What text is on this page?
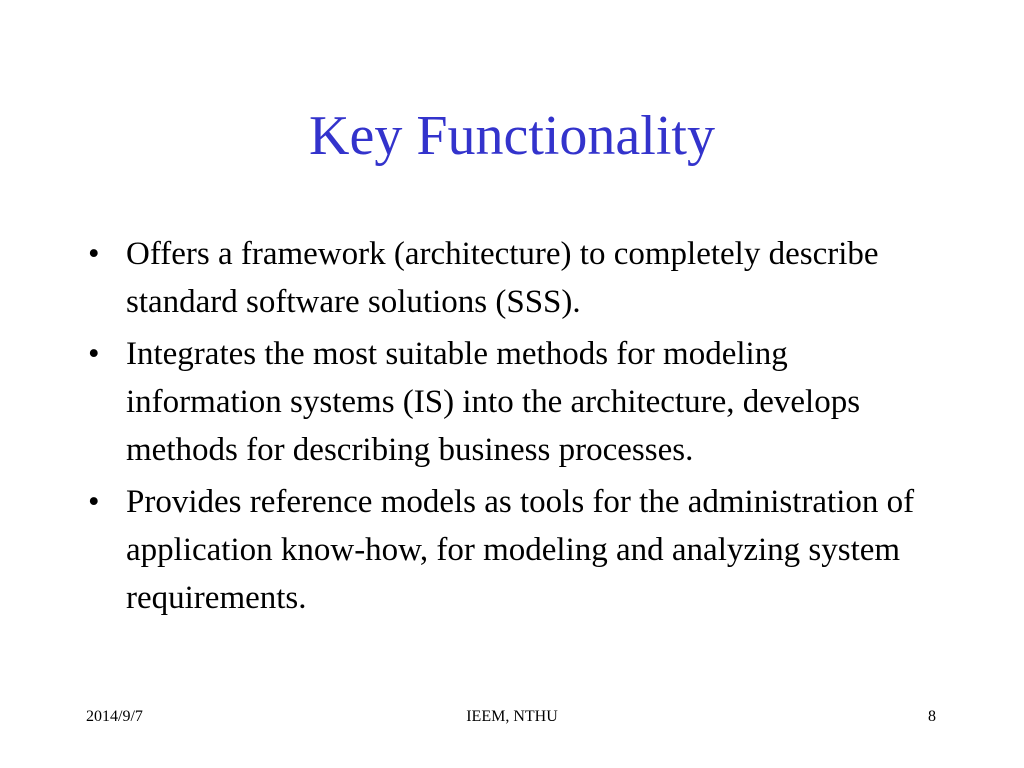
Key Functionality
• Offers a framework (architecture) to completely describe standard software solutions (SSS).
• Integrates the most suitable methods for modeling information systems (IS) into the architecture, develops methods for describing business processes.
• Provides reference models as tools for the administration of application know-how, for modeling and analyzing system requirements.
2014/9/7	IEEM, NTHU	8
